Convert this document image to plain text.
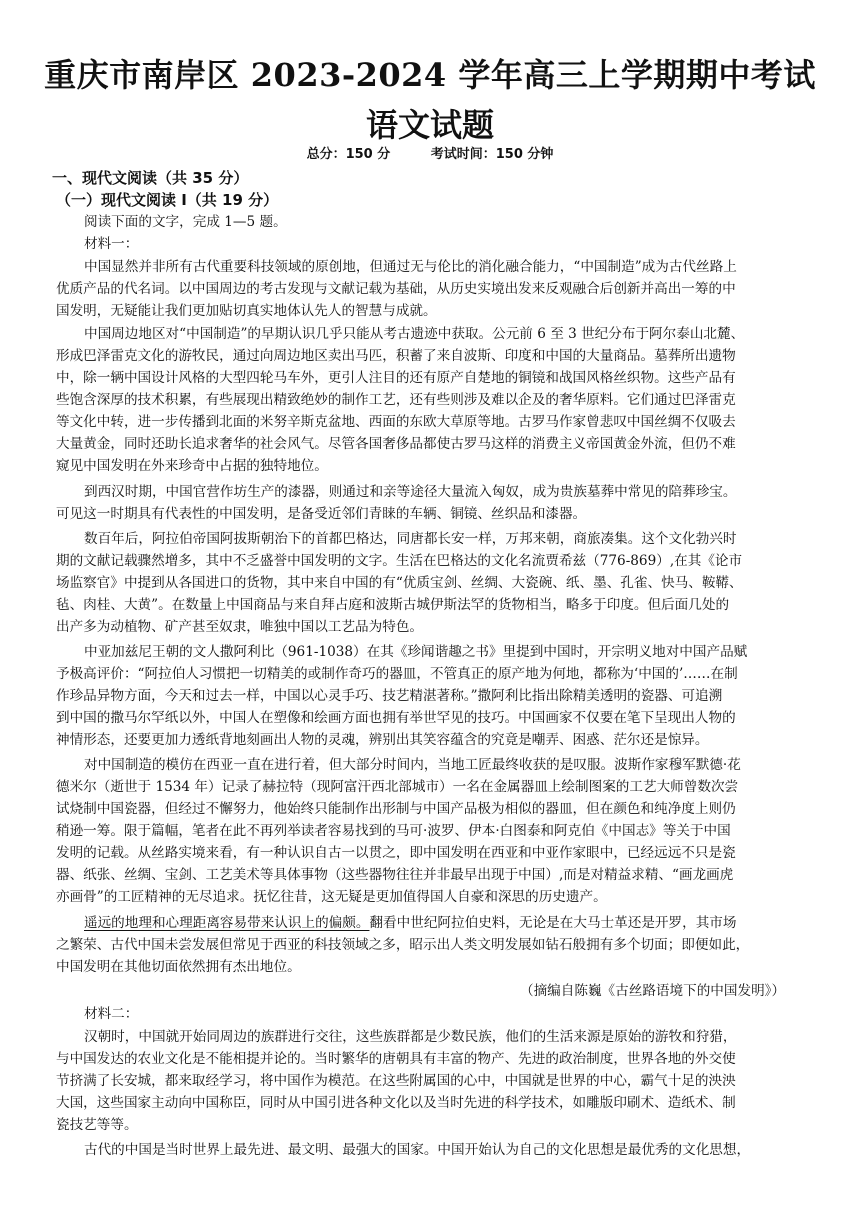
重庆市南岸区 2023-2024 学年高三上学期期中考试
语文试题
总分：150 分	考试时间：150 分钟
一、现代文阅读（共 35 分）
（一）现代文阅读 I（共 19 分）
阅读下面的文字，完成 1—5 题。
材料一：
中国显然并非所有古代重要科技领域的原创地，但通过无与伦比的消化融合能力，“中国制造”成为古代丝路上
优质产品的代名词。以中国周边的考古发现与文献记载为基础，从历史实境出发来反观融合后创新并高出一筹的中
国发明，无疑能让我们更加贴切真实地体认先人的智慧与成就。
中国周边地区对“中国制造”的早期认识几乎只能从考古遗迹中获取。公元前 6 至 3 世纪分布于阿尔泰山北麓、
形成巴泽雷克文化的游牧民，通过向周边地区卖出马匹，积蓄了来自波斯、印度和中国的大量商品。墓葬所出遗物
中，除一辆中国设计风格的大型四轮马车外，更引人注目的还有原产自楚地的铜镜和战国风格丝织物。这些产品有
些饱含深厚的技术积累，有些展现出精致绝妙的制作工艺，还有些则涉及难以企及的奢华原料。它们通过巴泽雷克
等文化中转，进一步传播到北面的米努辛斯克盆地、西面的东欧大草原等地。古罗马作家曾悲叹中国丝绸不仅吸去
大量黄金，同时还助长追求奢华的社会风气。尽管各国奢侈品都使古罗马这样的消费主义帝国黄金外流，但仍不难
窥见中国发明在外来珍奇中占据的独特地位。
到西汉时期，中国官营作坊生产的漆器，则通过和亲等途径大量流入匈奴，成为贵族墓葬中常见的陪葬珍宝。
可见这一时期具有代表性的中国发明，是备受近邻们青睐的车辆、铜镜、丝织品和漆器。
数百年后，阿拉伯帝国阿拔斯朝治下的首都巴格达，同唐都长安一样，万邦来朝，商旅凑集。这个文化勃兴时
期的文献记载骤然增多，其中不乏盛誉中国发明的文字。生活在巴格达的文化名流贾希兹（776-869）,在其《论市
场监察官》中提到从各国进口的货物，其中来自中国的有“优质宝剑、丝绸、大瓷碗、纸、墨、孔雀、快马、鞍鞯、
毡、肉桂、大黄”。在数量上中国商品与来自拜占庭和波斯古城伊斯法罕的货物相当，略多于印度。但后面几处的
出产多为动植物、矿产甚至奴隶，唯独中国以工艺品为特色。
中亚加兹尼王朝的文人撒阿利比（961-1038）在其《珍闻谐趣之书》里提到中国时，开宗明义地对中国产品赋
予极高评价：“阿拉伯人习惯把一切精美的或制作奇巧的器皿，不管真正的原产地为何地，都称为‘中国的’……在制
作珍品异物方面，今天和过去一样，中国以心灵手巧、技艺精湛著称。”撒阿利比指出除精美透明的瓷器、可追溯
到中国的撒马尔罕纸以外，中国人在塑像和绘画方面也拥有举世罕见的技巧。中国画家不仅要在笔下呈现出人物的
神情形态，还要更加力透纸背地刻画出人物的灵魂，辨别出其笑容蕴含的究竟是嘲弄、困惑、茫尔还是惊异。
对中国制造的模仿在西亚一直在进行着，但大部分时间内，当地工匠最终收获的是叹服。波斯作家穆军默德·花
德米尔（逝世于 1534 年）记录了赫拉特（现阿富汗西北部城市）一名在金属器皿上绘制图案的工艺大师曾数次尝
试烧制中国瓷器，但经过不懈努力，他始终只能制作出形制与中国产品极为相似的器皿，但在颜色和纯净度上则仍
稍逊一筹。限于篇幅，笔者在此不再列举读者容易找到的马可·波罗、伊本·白图泰和阿克伯《中国志》等关于中国
发明的记载。从丝路实境来看，有一种认识自古一以贯之，即中国发明在西亚和中亚作家眼中，已经远远不只是瓷
器、纸张、丝绸、宝剑、工艺美术等具体事物（这些器物往往并非最早出现于中国）,而是对精益求精、“画龙画虎
亦画骨”的工匠精神的无尽追求。抚忆往昔，这无疑是更加值得国人自豪和深思的历史遗产。
遥远的地理和心理距离容易带来认识上的偏颇。翻看中世纪阿拉伯史料，无论是在大马士革还是开罗，其市场
之繁荣、古代中国未尝发展但常见于西亚的科技领域之多，昭示出人类文明发展如钻石般拥有多个切面；即便如此，
中国发明在其他切面依然拥有杰出地位。
（摘编自陈巍《古丝路语境下的中国发明》）
材料二：
汉朝时，中国就开始同周边的族群进行交往，这些族群都是少数民族，他们的生活来源是原始的游牧和狩猎，
与中国发达的农业文化是不能相提并论的。当时繁华的唐朝具有丰富的物产、先进的政治制度，世界各地的外交使
节挤满了长安城，都来取经学习，将中国作为模范。在这些附属国的心中，中国就是世界的中心，霸气十足的泱泱
大国，这些国家主动向中国称臣，同时从中国引进各种文化以及当时先进的科学技术，如雕版印刷术、造纸术、制
瓷技艺等等。
古代的中国是当时世界上最先进、最文明、最强大的国家。中国开始认为自己的文化思想是最优秀的文化思想，
